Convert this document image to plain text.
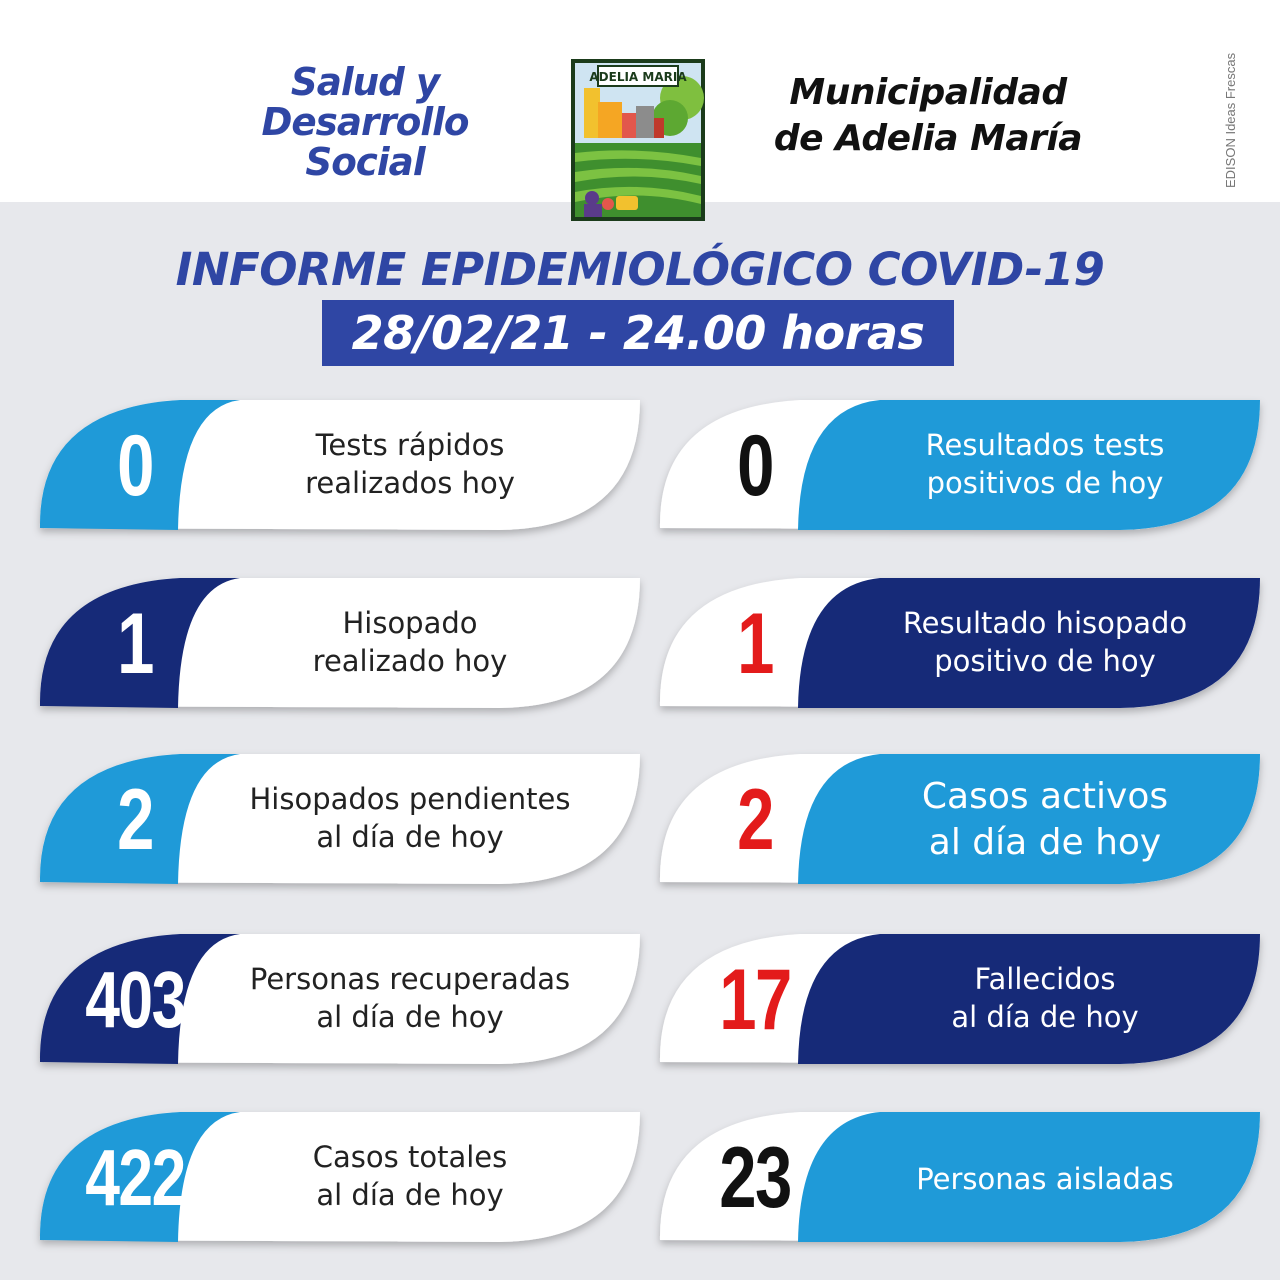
Salud y
Desarrollo
Social
ADELIA MARIA	Municipalidad
de Adelia María	EDISON Ideas Frescas
INFORME EPIDEMIOLÓGICO COVID-19
28/02/21 - 24.00 horas
0	Tests rápidos
realizados hoy
1	Hisopado
realizado hoy
2	Hisopados pendientes
al día de hoy
403	Personas recuperadas
al día de hoy
422	Casos totales
al día de hoy
0	Resultados tests
positivos de hoy
1	Resultado hisopado
positivo de hoy
2	Casos activos
al día de hoy
17	Fallecidos
al día de hoy
23	Personas aisladas
